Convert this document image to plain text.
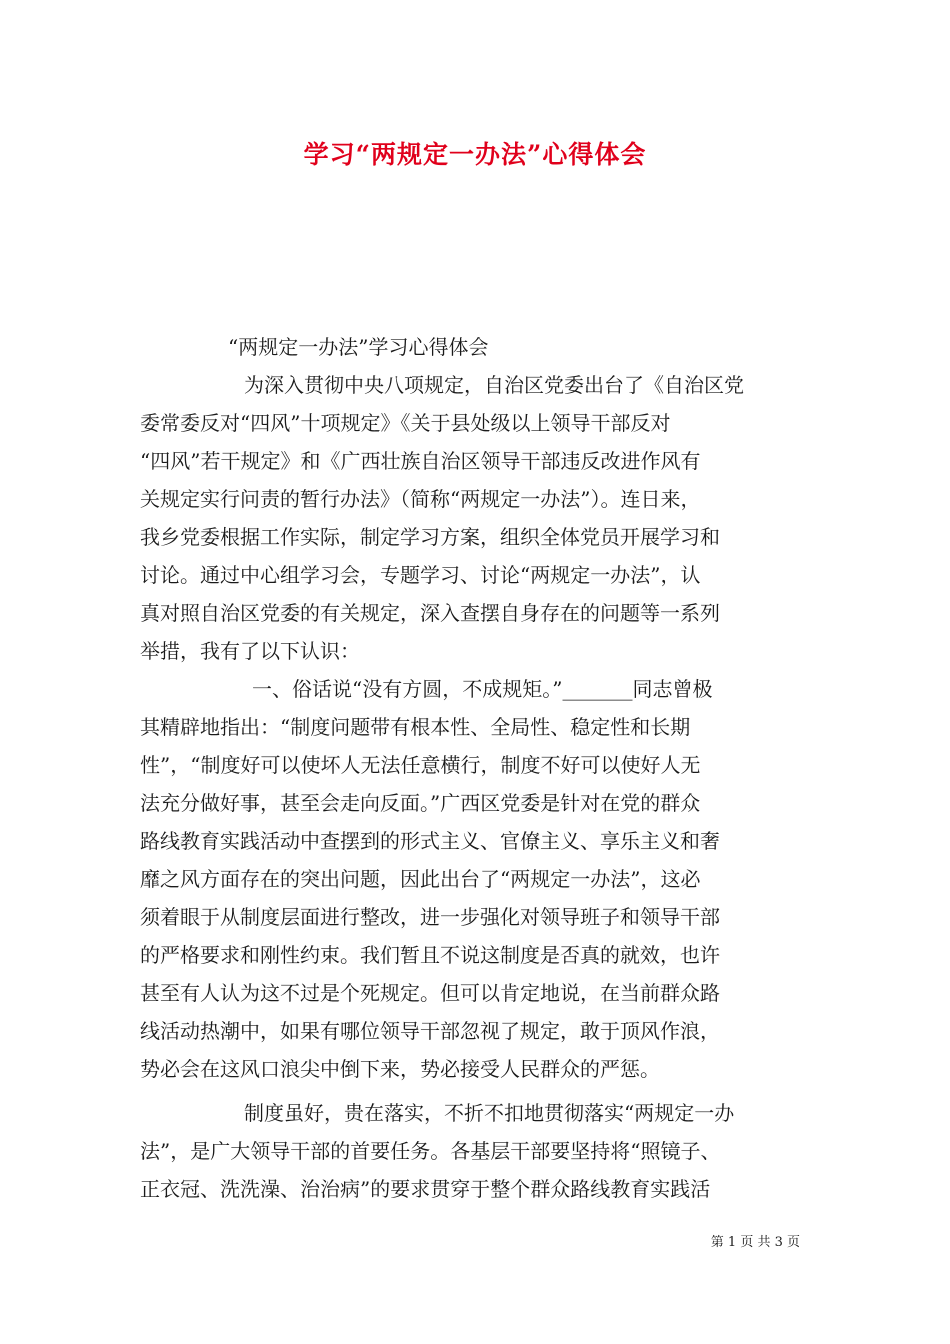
学习“两规定一办法”心得体会
“两规定一办法”学习心得体会
为深入贯彻中央八项规定，自治区党委出台了《自治区党
委常委反对“四风”十项规定》《关于县处级以上领导干部反对
“四风”若干规定》和《广西壮族自治区领导干部违反改进作风有
关规定实行问责的暂行办法》（简称“两规定一办法”）。连日来，
我乡党委根据工作实际，制定学习方案，组织全体党员开展学习和
讨论。通过中心组学习会，专题学习、讨论“两规定一办法”，认
真对照自治区党委的有关规定，深入查摆自身存在的问题等一系列
举措，我有了以下认识：
一、俗话说“没有方圆，不成规矩。”_______同志曾极
其精辟地指出：“制度问题带有根本性、全局性、稳定性和长期
性”，“制度好可以使坏人无法任意横行，制度不好可以使好人无
法充分做好事，甚至会走向反面。”广西区党委是针对在党的群众
路线教育实践活动中查摆到的形式主义、官僚主义、享乐主义和奢
靡之风方面存在的突出问题，因此出台了“两规定一办法”，这必
须着眼于从制度层面进行整改，进一步强化对领导班子和领导干部
的严格要求和刚性约束。我们暂且不说这制度是否真的就效，也许
甚至有人认为这不过是个死规定。但可以肯定地说，在当前群众路
线活动热潮中，如果有哪位领导干部忽视了规定，敢于顶风作浪，
势必会在这风口浪尖中倒下来，势必接受人民群众的严惩。
制度虽好，贵在落实，不折不扣地贯彻落实“两规定一办
法”，是广大领导干部的首要任务。各基层干部要坚持将“照镜子、
正衣冠、洗洗澡、治治病”的要求贯穿于整个群众路线教育实践活
第 1 页 共 3 页
